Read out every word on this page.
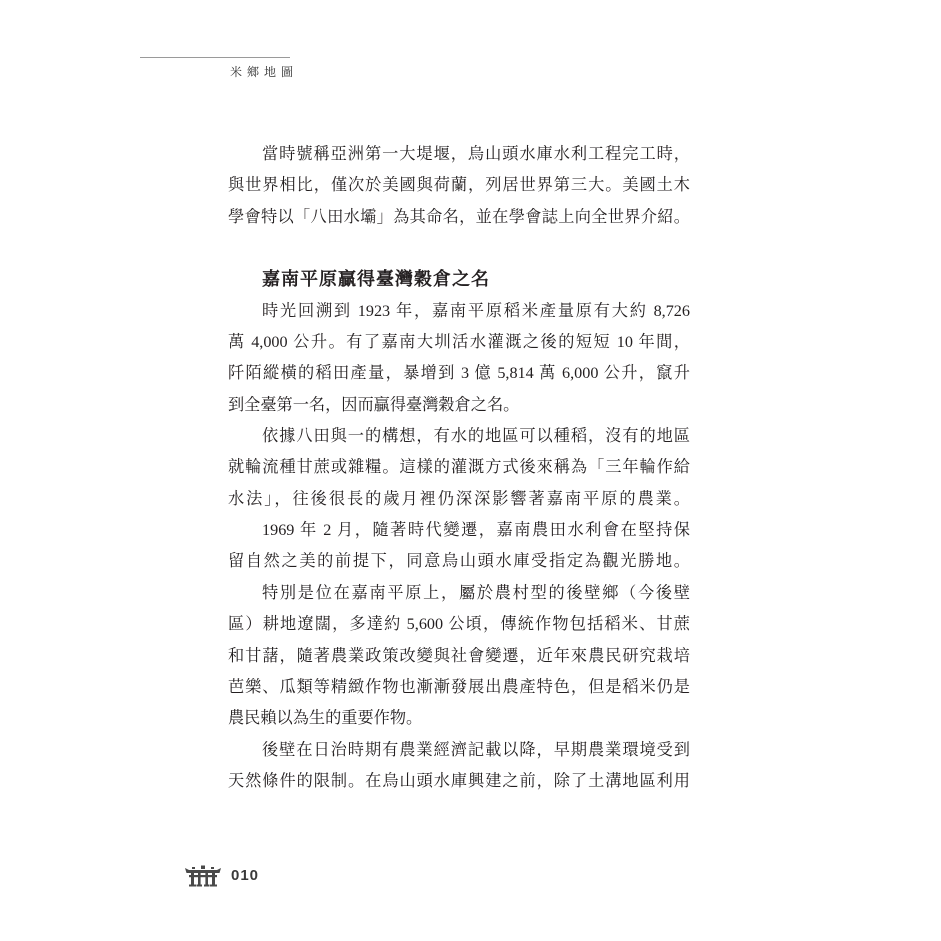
米鄉地圖
當時號稱亞洲第一大堤堰，烏山頭水庫水利工程完工時，
與世界相比，僅次於美國與荷蘭，列居世界第三大。美國土木
學會特以「八田水壩」為其命名，並在學會誌上向全世界介紹。
嘉南平原贏得臺灣穀倉之名
時光回溯到 1923 年，嘉南平原稻米產量原有大約 8,726
萬 4,000 公升。有了嘉南大圳活水灌溉之後的短短 10 年間，
阡陌縱橫的稻田產量，暴增到 3 億 5,814 萬 6,000 公升，竄升
到全臺第一名，因而贏得臺灣穀倉之名。
依據八田與一的構想，有水的地區可以種稻，沒有的地區
就輪流種甘蔗或雜糧。這樣的灌溉方式後來稱為「三年輪作給
水法」，往後很長的歲月裡仍深深影響著嘉南平原的農業。
1969 年 2 月，隨著時代變遷，嘉南農田水利會在堅持保
留自然之美的前提下，同意烏山頭水庫受指定為觀光勝地。
特別是位在嘉南平原上，屬於農村型的後壁鄉（今後壁
區）耕地遼闊，多達約 5,600 公頃，傳統作物包括稻米、甘蔗
和甘藷，隨著農業政策改變與社會變遷，近年來農民研究栽培
芭樂、瓜類等精緻作物也漸漸發展出農產特色，但是稻米仍是
農民賴以為生的重要作物。
後壁在日治時期有農業經濟記載以降，早期農業環境受到
天然條件的限制。在烏山頭水庫興建之前，除了土溝地區利用
010
